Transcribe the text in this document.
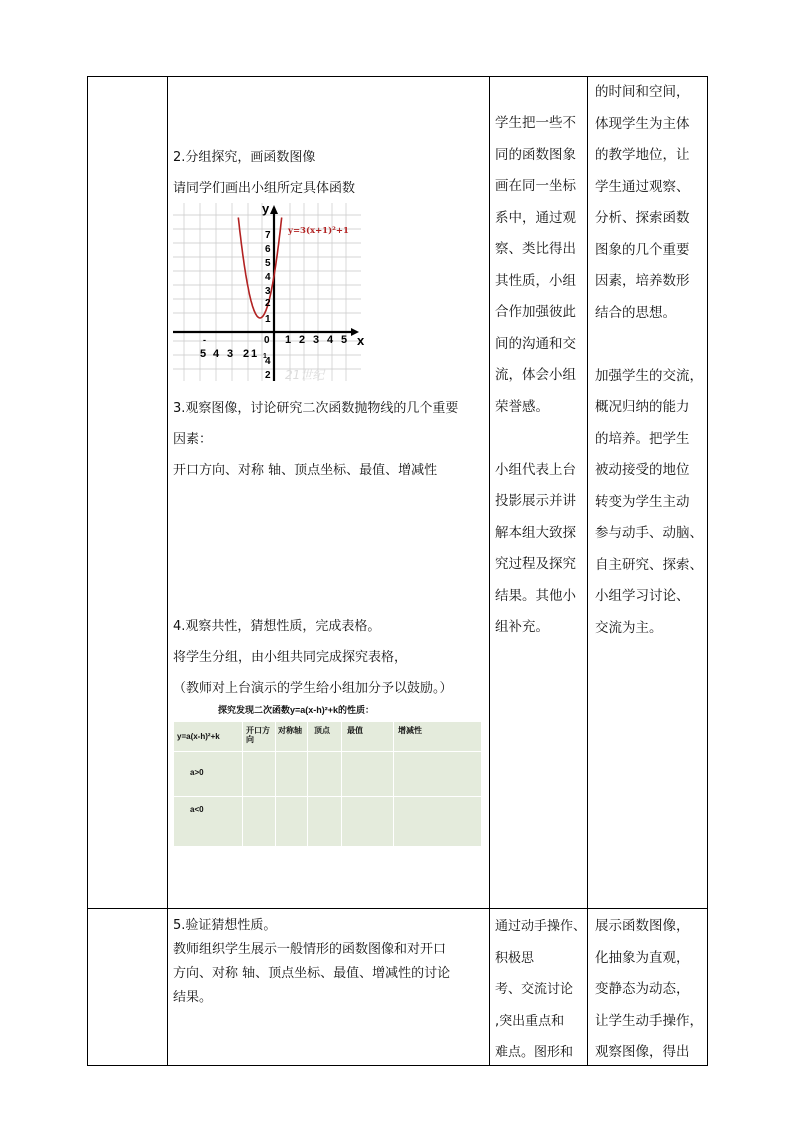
2.分组探究，画函数图像
请同学们画出小组所定具体函数
y=3(x+1)²+1
y
x
0
7
6
5
4
3
2
1
4
2
1
1 2 3 4 5
5 4 3 2 1
-
21世纪
3.观察图像，讨论研究二次函数抛物线的几个重要
因素：
开口方向、对称 轴、顶点坐标、最值、增减性
4.观察共性，猜想性质，完成表格。
将学生分组，由小组共同完成探究表格，
（教师对上台演示的学生给小组加分予以鼓励。）
探究发现二次函数y=a(x-h)²+k的性质：
y=a(x-h)²+k
开口方
向
对称轴 顶点 最值	增减性
a>0
a<0
学生把一些不
同的函数图象
画在同一坐标
系中，通过观
察、类比得出
其性质，小组
合作加强彼此
间的沟通和交
流，体会小组
荣誉感。

小组代表上台
投影展示并讲
解本组大致探
究过程及探究
结果。其他小
组补充。
的时间和空间，
体现学生为主体
的教学地位，让
学生通过观察、
分析、探索函数
图象的几个重要
因素，培养数形
结合的思想。

加强学生的交流，
概况归纳的能力
的培养。把学生
被动接受的地位
转变为学生主动
参与动手、动脑、
自主研究、探索、
小组学习讨论、
交流为主。
5.验证猜想性质。
教师组织学生展示一般情形的函数图像和对开口
方向、对称 轴、顶点坐标、最值、增减性的讨论
结果。
通过动手操作、
积极思
考、交流讨论
,突出重点和
难点。图形和
展示函数图像，
化抽象为直观，
变静态为动态，
让学生动手操作，
观察图像，得出
